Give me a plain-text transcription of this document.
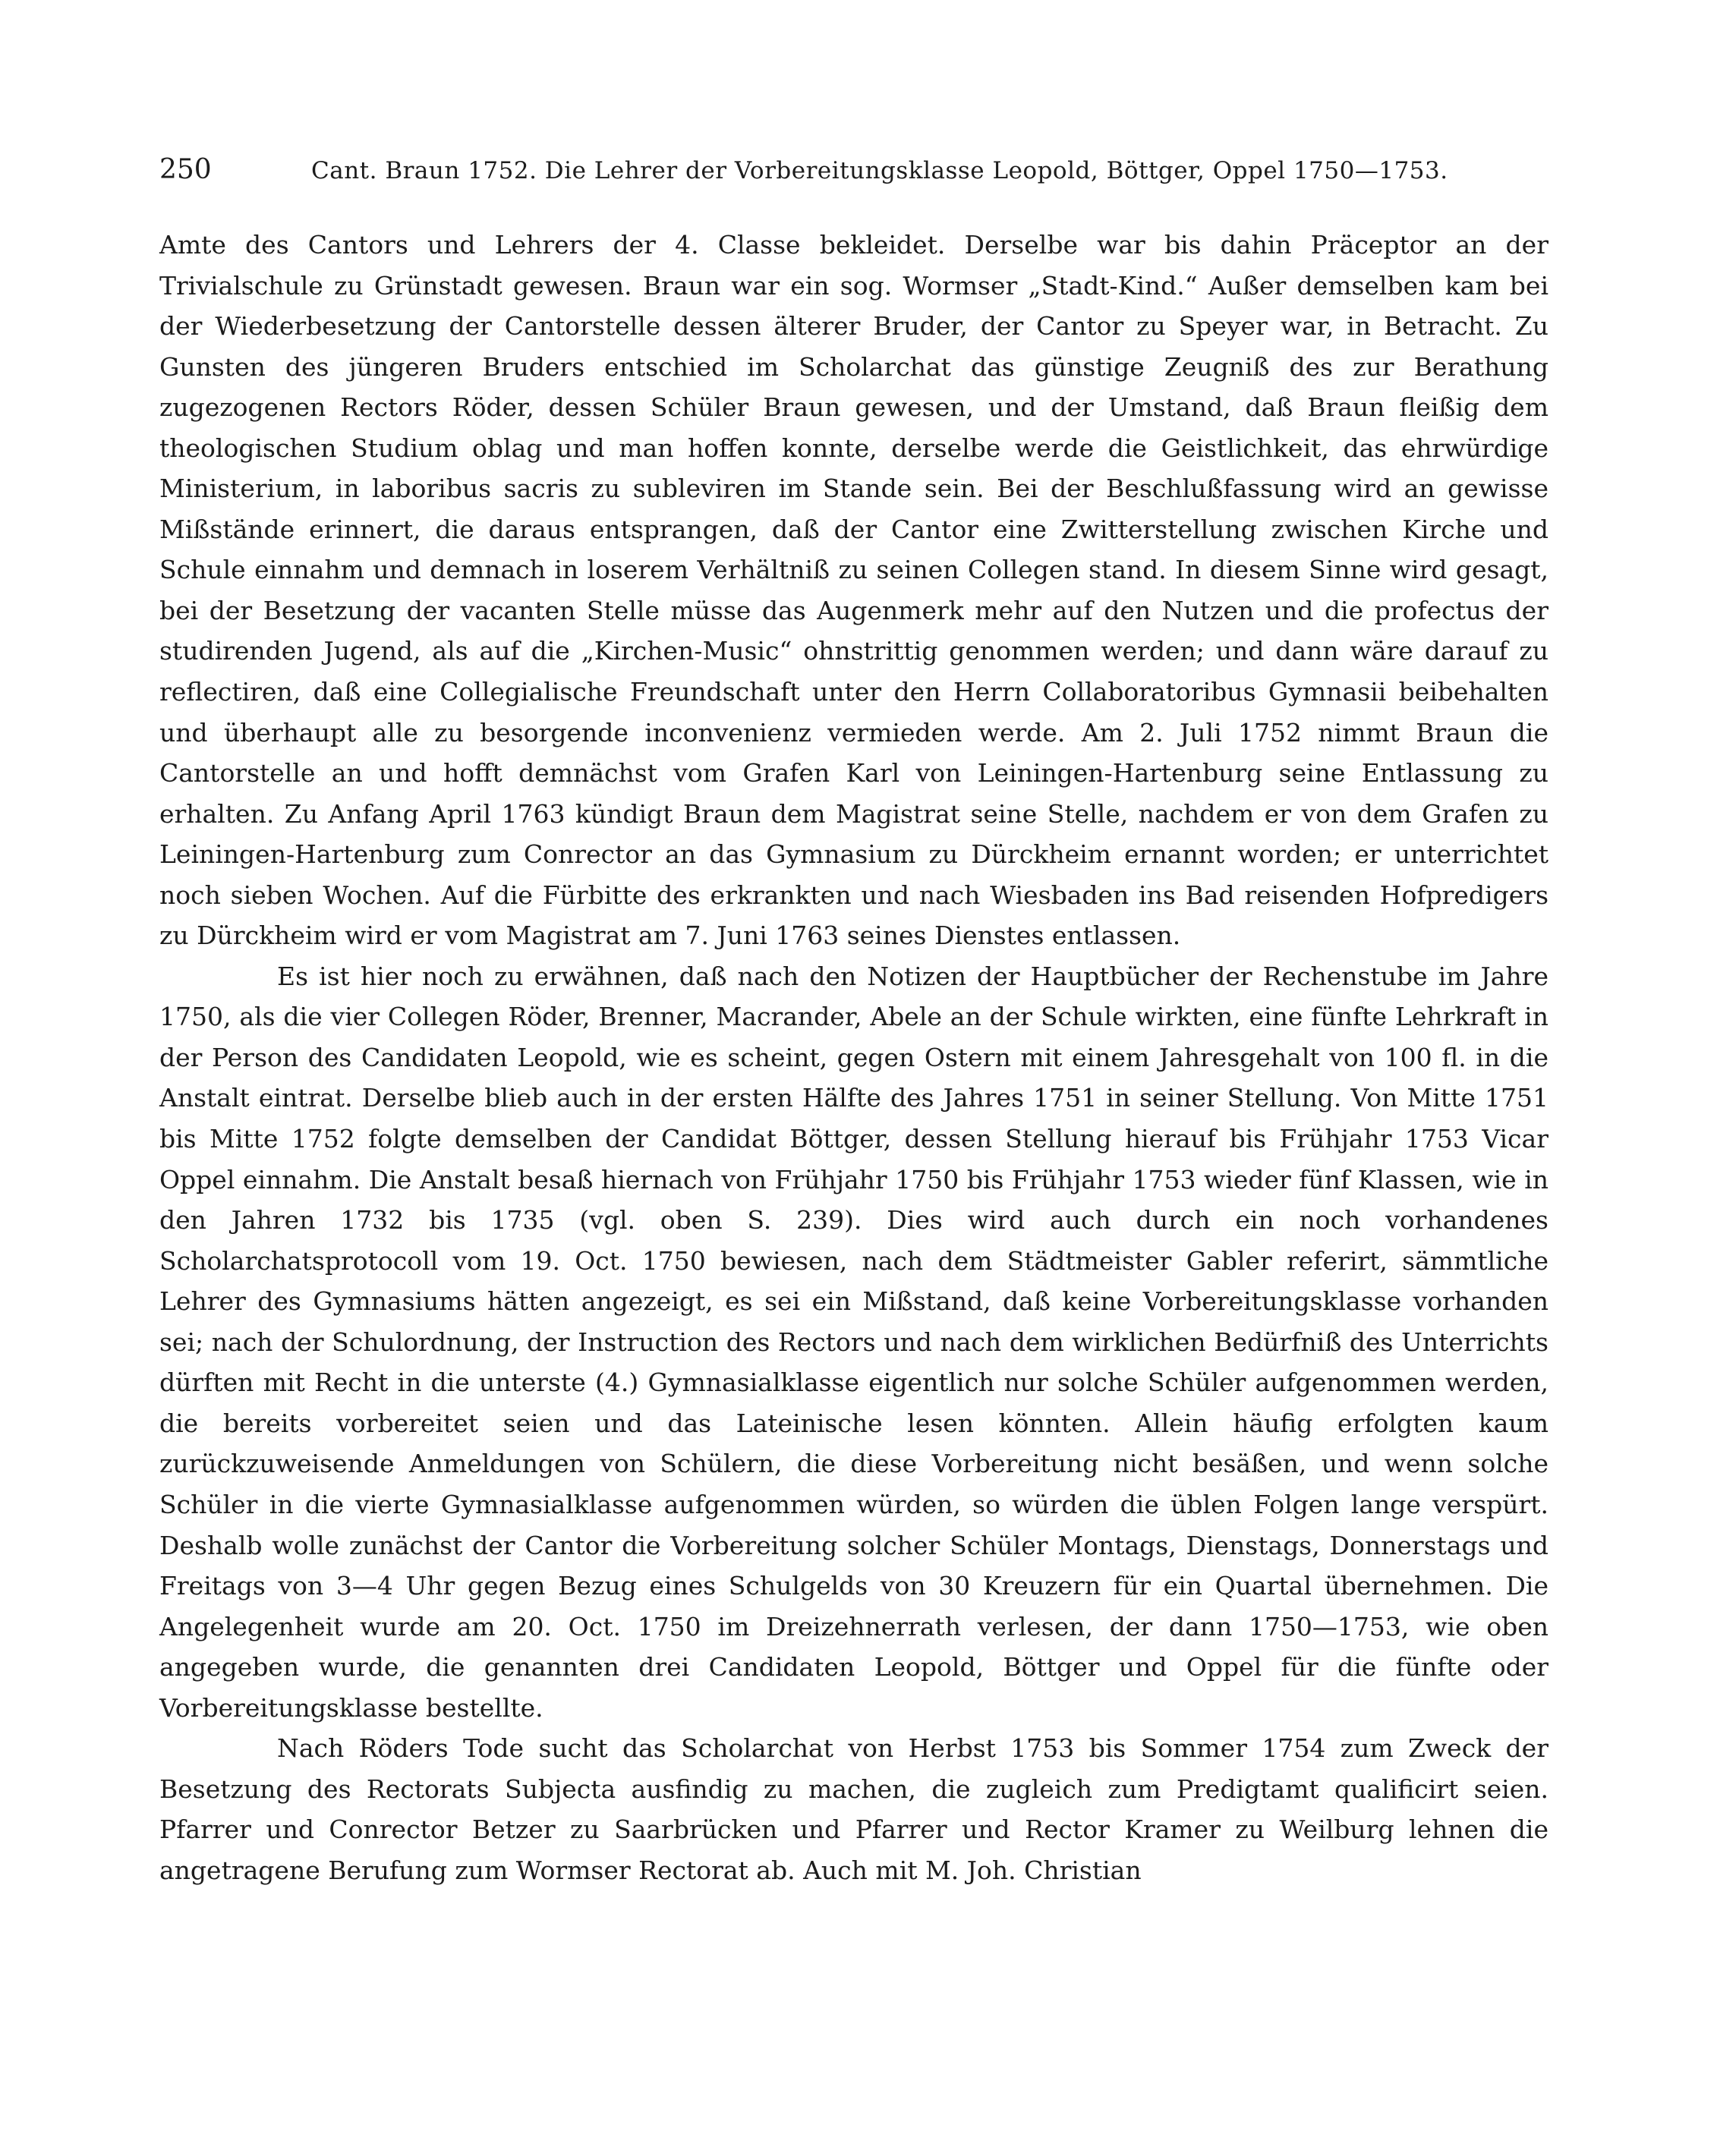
250	Cant. Braun 1752. Die Lehrer der Vorbereitungsklasse Leopold, Böttger, Oppel 1750—1753.

Amte des Cantors und Lehrers der 4. Classe bekleidet. Derselbe war bis dahin Präceptor an der Trivialschule zu Grünstadt gewesen. Braun war ein sog. Wormser „Stadt-Kind.“ Außer demselben kam bei der Wiederbesetzung der Cantorstelle dessen älterer Bruder, der Cantor zu Speyer war, in Betracht. Zu Gunsten des jüngeren Bruders entschied im Scholarchat das günstige Zeugniß des zur Berathung zugezogenen Rectors Röder, dessen Schüler Braun gewesen, und der Umstand, daß Braun fleißig dem theologischen Studium oblag und man hoffen konnte, derselbe werde die Geistlichkeit, das ehrwürdige Ministerium, in laboribus sacris zu subleviren im Stande sein. Bei der Beschlußfassung wird an gewisse Mißstände erinnert, die daraus entsprangen, daß der Cantor eine Zwitterstellung zwischen Kirche und Schule einnahm und demnach in loserem Verhältniß zu seinen Collegen stand. In diesem Sinne wird gesagt, bei der Besetzung der vacanten Stelle müsse das Augenmerk mehr auf den Nutzen und die profectus der studirenden Jugend, als auf die „Kirchen-Music“ ohnstrittig genommen werden; und dann wäre darauf zu reflectiren, daß eine Collegialische Freundschaft unter den Herrn Collaboratoribus Gymnasii beibehalten und überhaupt alle zu besorgende inconvenienz vermieden werde. Am 2. Juli 1752 nimmt Braun die Cantorstelle an und hofft demnächst vom Grafen Karl von Leiningen-Hartenburg seine Entlassung zu erhalten. Zu Anfang April 1763 kündigt Braun dem Magistrat seine Stelle, nachdem er von dem Grafen zu Leiningen-Hartenburg zum Conrector an das Gymnasium zu Dürckheim ernannt worden; er unterrichtet noch sieben Wochen. Auf die Fürbitte des erkrankten und nach Wiesbaden ins Bad reisenden Hofpredigers zu Dürckheim wird er vom Magistrat am 7. Juni 1763 seines Dienstes entlassen.

Es ist hier noch zu erwähnen, daß nach den Notizen der Hauptbücher der Rechenstube im Jahre 1750, als die vier Collegen Röder, Brenner, Macrander, Abele an der Schule wirkten, eine fünfte Lehrkraft in der Person des Candidaten Leopold, wie es scheint, gegen Ostern mit einem Jahresgehalt von 100 fl. in die Anstalt eintrat. Derselbe blieb auch in der ersten Hälfte des Jahres 1751 in seiner Stellung. Von Mitte 1751 bis Mitte 1752 folgte demselben der Candidat Böttger, dessen Stellung hierauf bis Frühjahr 1753 Vicar Oppel einnahm. Die Anstalt besaß hiernach von Frühjahr 1750 bis Frühjahr 1753 wieder fünf Klassen, wie in den Jahren 1732 bis 1735 (vgl. oben S. 239). Dies wird auch durch ein noch vorhandenes Scholarchatsprotocoll vom 19. Oct. 1750 bewiesen, nach dem Städtmeister Gabler referirt, sämmtliche Lehrer des Gymnasiums hätten angezeigt, es sei ein Mißstand, daß keine Vorbereitungsklasse vorhanden sei; nach der Schulordnung, der Instruction des Rectors und nach dem wirklichen Bedürfniß des Unterrichts dürften mit Recht in die unterste (4.) Gymnasialklasse eigentlich nur solche Schüler aufgenommen werden, die bereits vorbereitet seien und das Lateinische lesen könnten. Allein häufig erfolgten kaum zurückzuweisende Anmeldungen von Schülern, die diese Vorbereitung nicht besäßen, und wenn solche Schüler in die vierte Gymnasialklasse aufgenommen würden, so würden die üblen Folgen lange verspürt. Deshalb wolle zunächst der Cantor die Vorbereitung solcher Schüler Montags, Dienstags, Donnerstags und Freitags von 3—4 Uhr gegen Bezug eines Schulgelds von 30 Kreuzern für ein Quartal übernehmen. Die Angelegenheit wurde am 20. Oct. 1750 im Dreizehnerrath verlesen, der dann 1750—1753, wie oben angegeben wurde, die genannten drei Candidaten Leopold, Böttger und Oppel für die fünfte oder Vorbereitungsklasse bestellte.

Nach Röders Tode sucht das Scholarchat von Herbst 1753 bis Sommer 1754 zum Zweck der Besetzung des Rectorats Subjecta ausfindig zu machen, die zugleich zum Predigtamt qualificirt seien. Pfarrer und Conrector Betzer zu Saarbrücken und Pfarrer und Rector Kramer zu Weilburg lehnen die angetragene Berufung zum Wormser Rectorat ab. Auch mit M. Joh. Christian
